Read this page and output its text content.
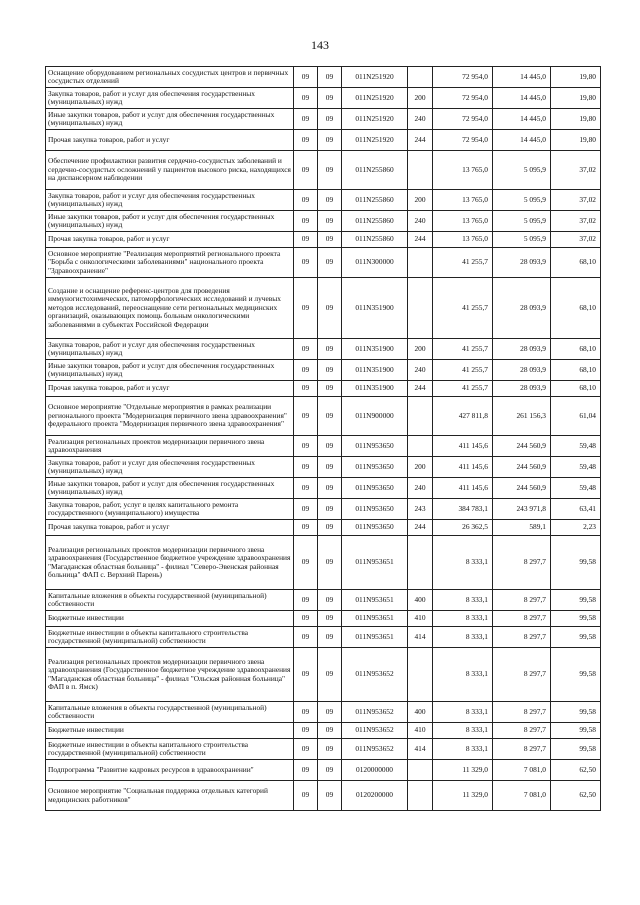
143
Оснащение оборудованием региональных сосудистых центров и первичных сосудистых отделений	09	09	011N251920		72 954,0	14 445,0	19,80
Закупка товаров, работ и услуг для обеспечения государственных (муниципальных) нужд	09	09	011N251920	200	72 954,0	14 445,0	19,80
Иные закупки товаров, работ и услуг для обеспечения государственных (муниципальных) нужд	09	09	011N251920	240	72 954,0	14 445,0	19,80
Прочая закупка товаров, работ и услуг	09	09	011N251920	244	72 954,0	14 445,0	19,80
Обеспечение профилактики развития сердечно-сосудистых заболеваний и сердечно-сосудистых осложнений у пациентов высокого риска, находящихся на диспансерном наблюдении	09	09	011N255860		13 765,0	5 095,9	37,02
Закупка товаров, работ и услуг для обеспечения государственных (муниципальных) нужд	09	09	011N255860	200	13 765,0	5 095,9	37,02
Иные закупки товаров, работ и услуг для обеспечения государственных (муниципальных) нужд	09	09	011N255860	240	13 765,0	5 095,9	37,02
Прочая закупка товаров, работ и услуг	09	09	011N255860	244	13 765,0	5 095,9	37,02
Основное мероприятие "Реализация мероприятий регионального проекта "Борьба с онкологическими заболеваниями" национального проекта "Здравоохранение"	09	09	011N300000		41 255,7	28 093,9	68,10
Создание и оснащение референс-центров для проведения иммуногистохимических, патоморфологических исследований и лучевых методов исследований, переоснащение сети региональных медицинских организаций, оказывающих помощь больным онкологическими заболеваниями в субъектах Российской Федерации	09	09	011N351900		41 255,7	28 093,9	68,10
Закупка товаров, работ и услуг для обеспечения государственных (муниципальных) нужд	09	09	011N351900	200	41 255,7	28 093,9	68,10
Иные закупки товаров, работ и услуг для обеспечения государственных (муниципальных) нужд	09	09	011N351900	240	41 255,7	28 093,9	68,10
Прочая закупка товаров, работ и услуг	09	09	011N351900	244	41 255,7	28 093,9	68,10
Основное мероприятие "Отдельные мероприятия в рамках реализации регионального проекта "Модернизация первичного звена здравоохранения" федерального проекта "Модернизация первичного звена здравоохранения"	09	09	011N900000		427 811,8	261 156,3	61,04
Реализация региональных проектов модернизации первичного звена здравоохранения	09	09	011N953650		411 145,6	244 560,9	59,48
Закупка товаров, работ и услуг для обеспечения государственных (муниципальных) нужд	09	09	011N953650	200	411 145,6	244 560,9	59,48
Иные закупки товаров, работ и услуг для обеспечения государственных (муниципальных) нужд	09	09	011N953650	240	411 145,6	244 560,9	59,48
Закупка товаров, работ, услуг в целях капитального ремонта государственного (муниципального) имущества	09	09	011N953650	243	384 783,1	243 971,8	63,41
Прочая закупка товаров, работ и услуг	09	09	011N953650	244	26 362,5	589,1	2,23
Реализация региональных проектов модернизации первичного звена здравоохранения (Государственное бюджетное учреждение здравоохранения "Магаданская областная больница" - филиал "Северо-Эвенская районная больница" ФАП с. Верхний Парень)	09	09	011N953651		8 333,1	8 297,7	99,58
Капитальные вложения в объекты государственной (муниципальной) собственности	09	09	011N953651	400	8 333,1	8 297,7	99,58
Бюджетные инвестиции	09	09	011N953651	410	8 333,1	8 297,7	99,58
Бюджетные инвестиции в объекты капитального строительства государственной (муниципальной) собственности	09	09	011N953651	414	8 333,1	8 297,7	99,58
Реализация региональных проектов модернизации первичного звена здравоохранения (Государственное бюджетное учреждение здравоохранения "Магаданская областная больница" - филиал "Ольская районная больница" ФАП в п. Ямск)	09	09	011N953652		8 333,1	8 297,7	99,58
Капитальные вложения в объекты государственной (муниципальной) собственности	09	09	011N953652	400	8 333,1	8 297,7	99,58
Бюджетные инвестиции	09	09	011N953652	410	8 333,1	8 297,7	99,58
Бюджетные инвестиции в объекты капитального строительства государственной (муниципальной) собственности	09	09	011N953652	414	8 333,1	8 297,7	99,58
Подпрограмма "Развитие кадровых ресурсов в здравоохранении"	09	09	0120000000		11 329,0	7 081,0	62,50
Основное мероприятие "Социальная поддержка отдельных категорий медицинских работников"	09	09	0120200000		11 329,0	7 081,0	62,50
